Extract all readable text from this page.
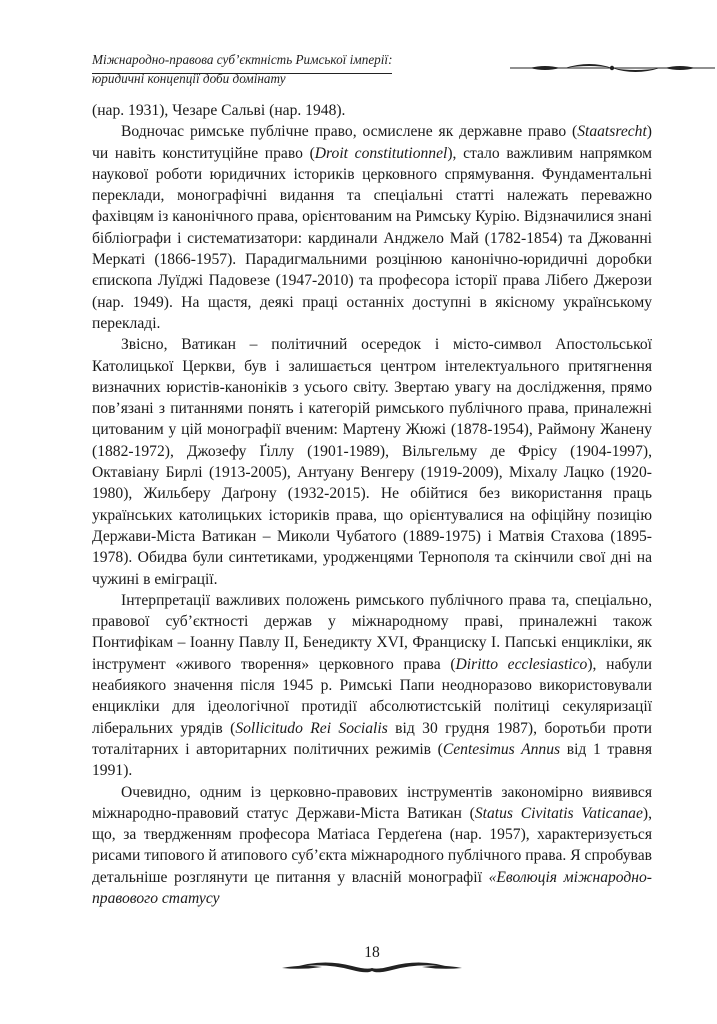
Міжнародно-правова суб’єктність Римської імперії:
юридичні концепції доби домінату

(нар. 1931), Чезаре Сальві (нар. 1948).

Водночас римське публічне право, осмислене як державне право (Staatsrecht) чи навіть конституційне право (Droit constitutionnel), стало важливим напрямком наукової роботи юридичних істориків церковного спрямування. Фундаментальні переклади, монографічні видання та спеціальні статті належать переважно фахівцям із канонічного права, орієнтованим на Римську Курію. Відзначилися знані бібліографи і систематизатори: кардинали Анджело Май (1782-1854) та Джованні Меркаті (1866-1957). Парадигмальними розцінюю канонічно-юридичні доробки єпископа Луїджі Падовезе (1947-2010) та професора історії права Лібero Джерози (нар. 1949). На щастя, деякі праці останніх доступні в якісному українському перекладі.

Звісно, Ватикан – політичний осередок і місто-символ Апостольської Католицької Церкви, був і залишається центром інтелектуального притягнення визначних юристів-каноніків з усього світу. Звертаю увагу на дослідження, прямо пов’язані з питаннями понять і категорій римського публічного права, приналежні цитованим у цій монографії вченим: Мартену Жюжі (1878-1954), Раймону Жанену (1882-1972), Джозефу Ґіллу (1901-1989), Вільгельму де Фрісу (1904-1997), Октавіану Бирлі (1913-2005), Антуану Венгеру (1919-2009), Міхалу Лацко (1920-1980), Жильберу Даґрону (1932-2015). Не обійтися без використання праць українських католицьких істориків права, що орієнтувалися на офіційну позицію Держави-Міста Ватикан – Миколи Чубатого (1889-1975) і Матвія Стахова (1895-1978). Обидва були синтетиками, уродженцями Тернополя та скінчили свої дні на чужині в еміграції.

Інтерпретації важливих положень римського публічного права та, спеціально, правової суб’єктності держав у міжнародному праві, приналежні також Понтифікам – Іоанну Павлу ІІ, Бенедикту XVI, Франциску І. Папські енцикліки, як інструмент «живого творення» церковного права (Diritto ecclesiastico), набули неабиякого значення після 1945 р. Римські Папи неодноразово використовували енцикліки для ідеологічної протидії абсолютистській політиці секуляризації ліберальних урядів (Sollicitudo Rei Socialis від 30 грудня 1987), боротьби проти тоталітарних і авторитарних політичних режимів (Centesimus Annus від 1 травня 1991).

Очевидно, одним із церковно-правових інструментів закономірно виявився міжнародно-правовий статус Держави-Міста Ватикан (Status Civitatis Vaticanae), що, за твердженням професора Матіаса Гердеґена (нар. 1957), характеризується рисами типового й атипового суб’єкта міжнародного публічного права. Я спробував детальніше розглянути це питання у власній монографії «Еволюція міжнародно-правового статусу

18
